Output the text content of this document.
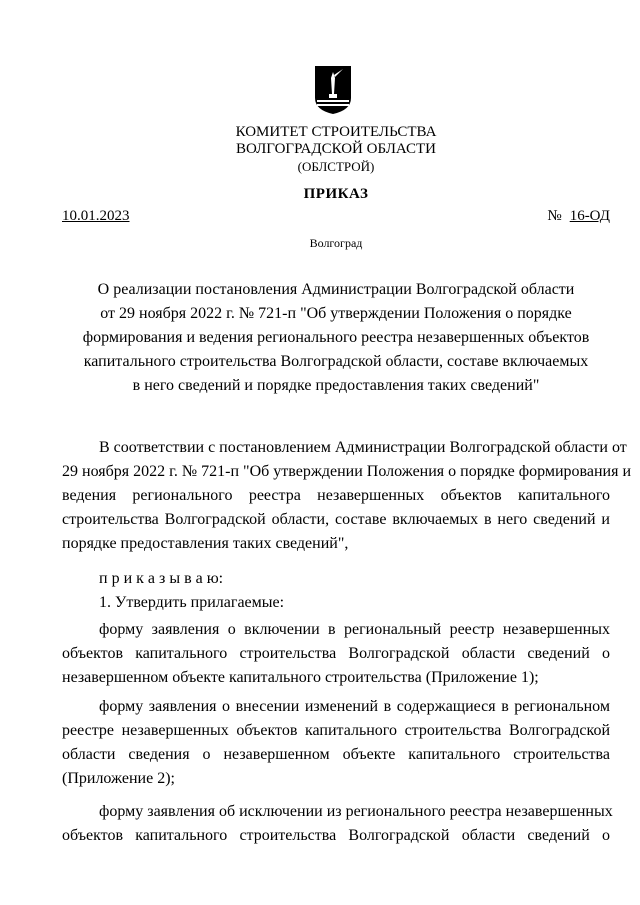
КОМИТЕТ СТРОИТЕЛЬСТВА
ВОЛГОГРАДСКОЙ ОБЛАСТИ
(ОБЛСТРОЙ)
ПРИКАЗ
10.01.2023	№ 16-ОД
Волгоград
О реализации постановления Администрации Волгоградской области
от 29 ноября 2022 г. № 721-п "Об утверждении Положения о порядке
формирования и ведения регионального реестра незавершенных объектов
капитального строительства Волгоградской области, составе включаемых
в него сведений и порядке предоставления таких сведений"
В соответствии с постановлением Администрации Волгоградской области от
29 ноября 2022 г. № 721-п "Об утверждении Положения о порядке формирования и
ведения регионального реестра незавершенных объектов капитального
строительства Волгоградской области, составе включаемых в него сведений и
порядке предоставления таких сведений",
п р и к а з ы в а ю:
1. Утвердить прилагаемые:
форму заявления о включении в региональный реестр незавершенных
объектов капитального строительства Волгоградской области сведений о
незавершенном объекте капитального строительства (Приложение 1);
форму заявления о внесении изменений в содержащиеся в региональном
реестре незавершенных объектов капитального строительства Волгоградской
области сведения о незавершенном объекте капитального строительства
(Приложение 2);
форму заявления об исключении из регионального реестра незавершенных
объектов капитального строительства Волгоградской области сведений о
